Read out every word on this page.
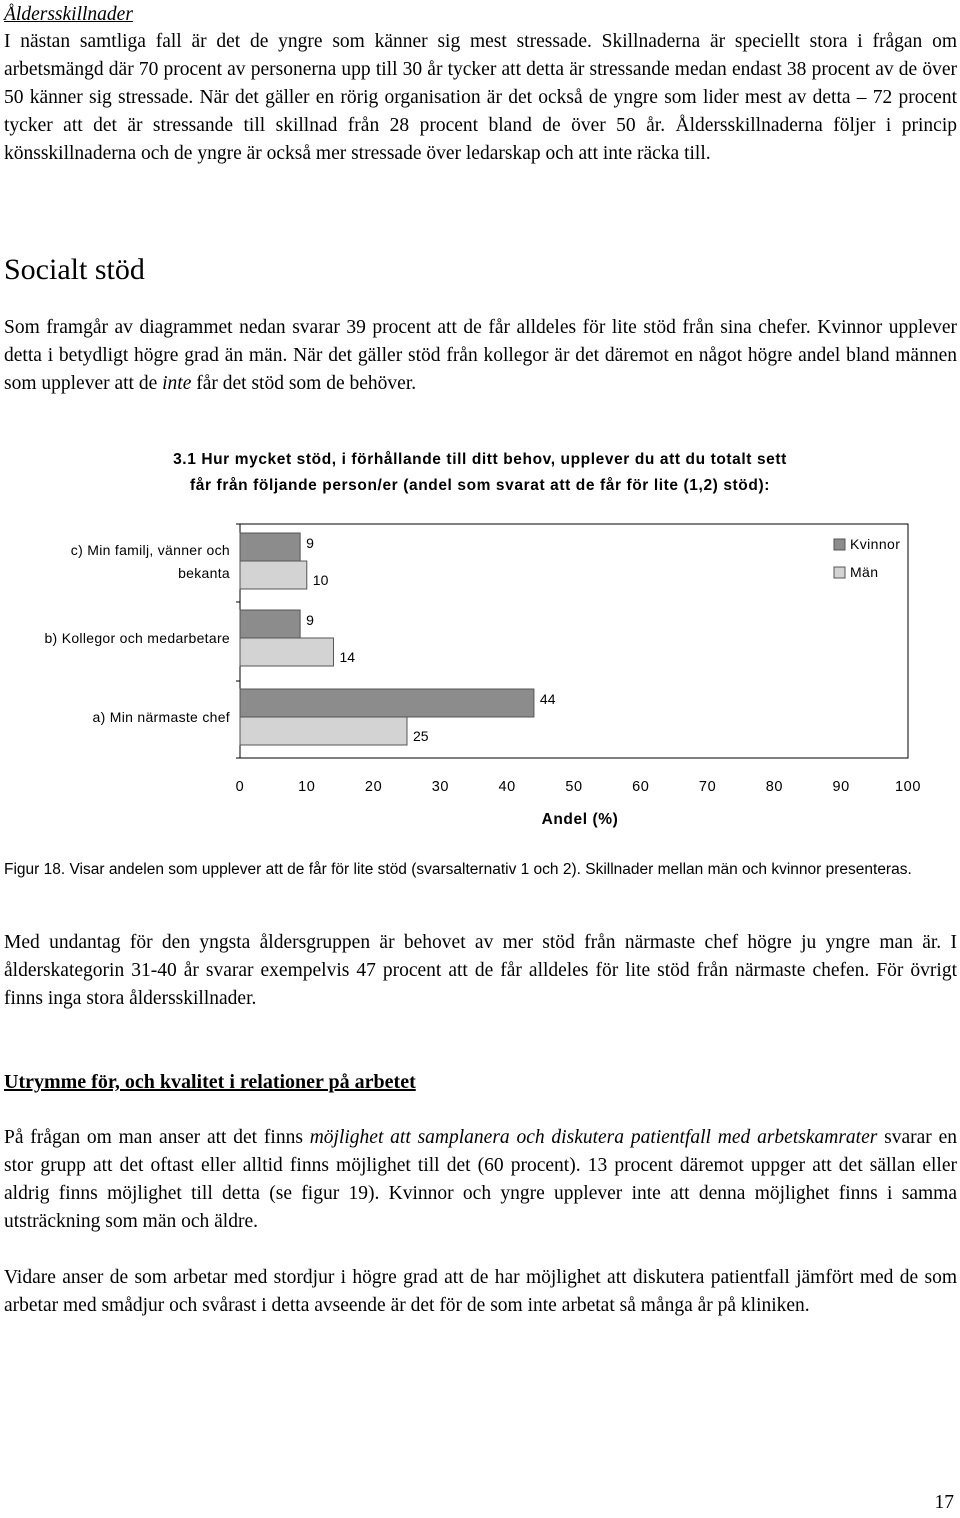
Åldersskillnader

I nästan samtliga fall är det de yngre som känner sig mest stressade. Skillnaderna är speciellt stora i frågan om arbetsmängd där 70 procent av personerna upp till 30 år tycker att detta är stressande medan endast 38 procent av de över 50 känner sig stressade. När det gäller en rörig organisation är det också de yngre som lider mest av detta – 72 procent tycker att det är stressande till skillnad från 28 procent bland de över 50 år. Åldersskillnaderna följer i princip könsskillnaderna och de yngre är också mer stressade över ledarskap och att inte räcka till.

Socialt stöd

Som framgår av diagrammet nedan svarar 39 procent att de får alldeles för lite stöd från sina chefer. Kvinnor upplever detta i betydligt högre grad än män. När det gäller stöd från kollegor är det däremot en något högre andel bland männen som upplever att de inte får det stöd som de behöver.

3.1 Hur mycket stöd, i förhållande till ditt behov, upplever du att du totalt sett
får från följande person/er (andel som svarat att de får för lite (1,2) stöd):
0	10	20	30	40	50	60	70	80	90	100
Andel (%)
9
10
c) Min familj, vänner och
bekanta
9
14
b) Kollegor och medarbetare
44
25
a) Min närmaste chef
Kvinnor
Män
Figur 18. Visar andelen som upplever att de får för lite stöd (svarsalternativ 1 och 2). Skillnader mellan män och kvinnor presenteras.

Med undantag för den yngsta åldersgruppen är behovet av mer stöd från närmaste chef högre ju yngre man är. I ålderskategorin 31-40 år svarar exempelvis 47 procent att de får alldeles för lite stöd från närmaste chefen. För övrigt finns inga stora åldersskillnader.

Utrymme för, och kvalitet i relationer på arbetet

På frågan om man anser att det finns möjlighet att samplanera och diskutera patientfall med arbetskamrater svarar en stor grupp att det oftast eller alltid finns möjlighet till det (60 procent). 13 procent däremot uppger att det sällan eller aldrig finns möjlighet till detta (se figur 19). Kvinnor och yngre upplever inte att denna möjlighet finns i samma utsträckning som män och äldre.

Vidare anser de som arbetar med stordjur i högre grad att de har möjlighet att diskutera patientfall jämfört med de som arbetar med smådjur och svårast i detta avseende är det för de som inte arbetat så många år på kliniken.

17
